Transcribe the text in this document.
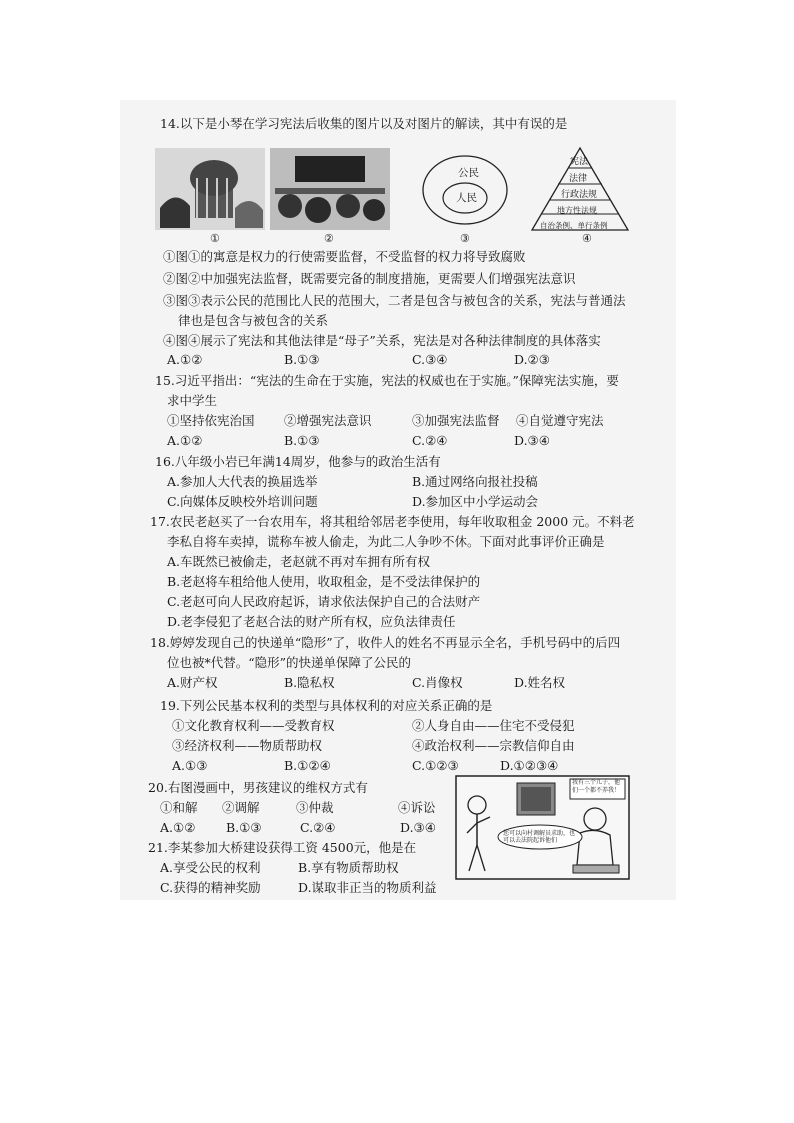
14.以下是小琴在学习宪法后收集的图片以及对图片的解读，其中有误的是
公民
人民
宪法
法律
行政法规
地方性法规
自治条例、单行条例
①	②	③	④
①图①的寓意是权力的行使需要监督，不受监督的权力将导致腐败
②图②中加强宪法监督，既需要完备的制度措施，更需要人们增强宪法意识
③图③表示公民的范围比人民的范围大，二者是包含与被包含的关系，宪法与普通法
律也是包含与被包含的关系
④图④展示了宪法和其他法律是“母子”关系，宪法是对各种法律制度的具体落实
A.①②	B.①③	C.③④	D.②③
15.习近平指出：“宪法的生命在于实施，宪法的权威也在于实施。”保障宪法实施，要
求中学生
①坚持依宪治国 ②增强宪法意识	③加强宪法监督 ④自觉遵守宪法
A.①②	B.①③	C.②④	D.③④
16.八年级小岩已年满14周岁，他参与的政治生活有
A.参加人大代表的换届选举	B.通过网络向报社投稿
C.向媒体反映校外培训问题	D.参加区中小学运动会
17.农民老赵买了一台农用车，将其租给邻居老李使用，每年收取租金 2000 元。不料老
李私自将车卖掉，谎称车被人偷走，为此二人争吵不休。下面对此事评价正确是
A.车既然已被偷走，老赵就不再对车拥有所有权
B.老赵将车租给他人使用，收取租金，是不受法律保护的
C.老赵可向人民政府起诉，请求依法保护自己的合法财产
D.老李侵犯了老赵合法的财产所有权，应负法律责任
18.婷婷发现自己的快递单“隐形”了，收件人的姓名不再显示全名，手机号码中的后四
位也被*代替。“隐形”的快递单保障了公民的
A.财产权	B.隐私权	C.肖像权	D.姓名权
19.下列公民基本权利的类型与具体权利的对应关系正确的是
①文化教育权利——受教育权	②人身自由——住宅不受侵犯
③经济权利——物质帮助权	④政治权利——宗教信仰自由
A.①③	B.①②④	C.①②③	D.①②③④
20.右图漫画中，男孩建议的维权方式有
①和解 ②调解	③仲裁	④诉讼
A.①② B.①③	C.②④	D.③④
我有三个儿子，他们一个都不养我！
您可以向村调解员求助，也可以去法院起诉他们
21.李某参加大桥建设获得工资 4500元，他是在
A.享受公民的权利	B.享有物质帮助权
C.获得的精神奖励	D.谋取非正当的物质利益
